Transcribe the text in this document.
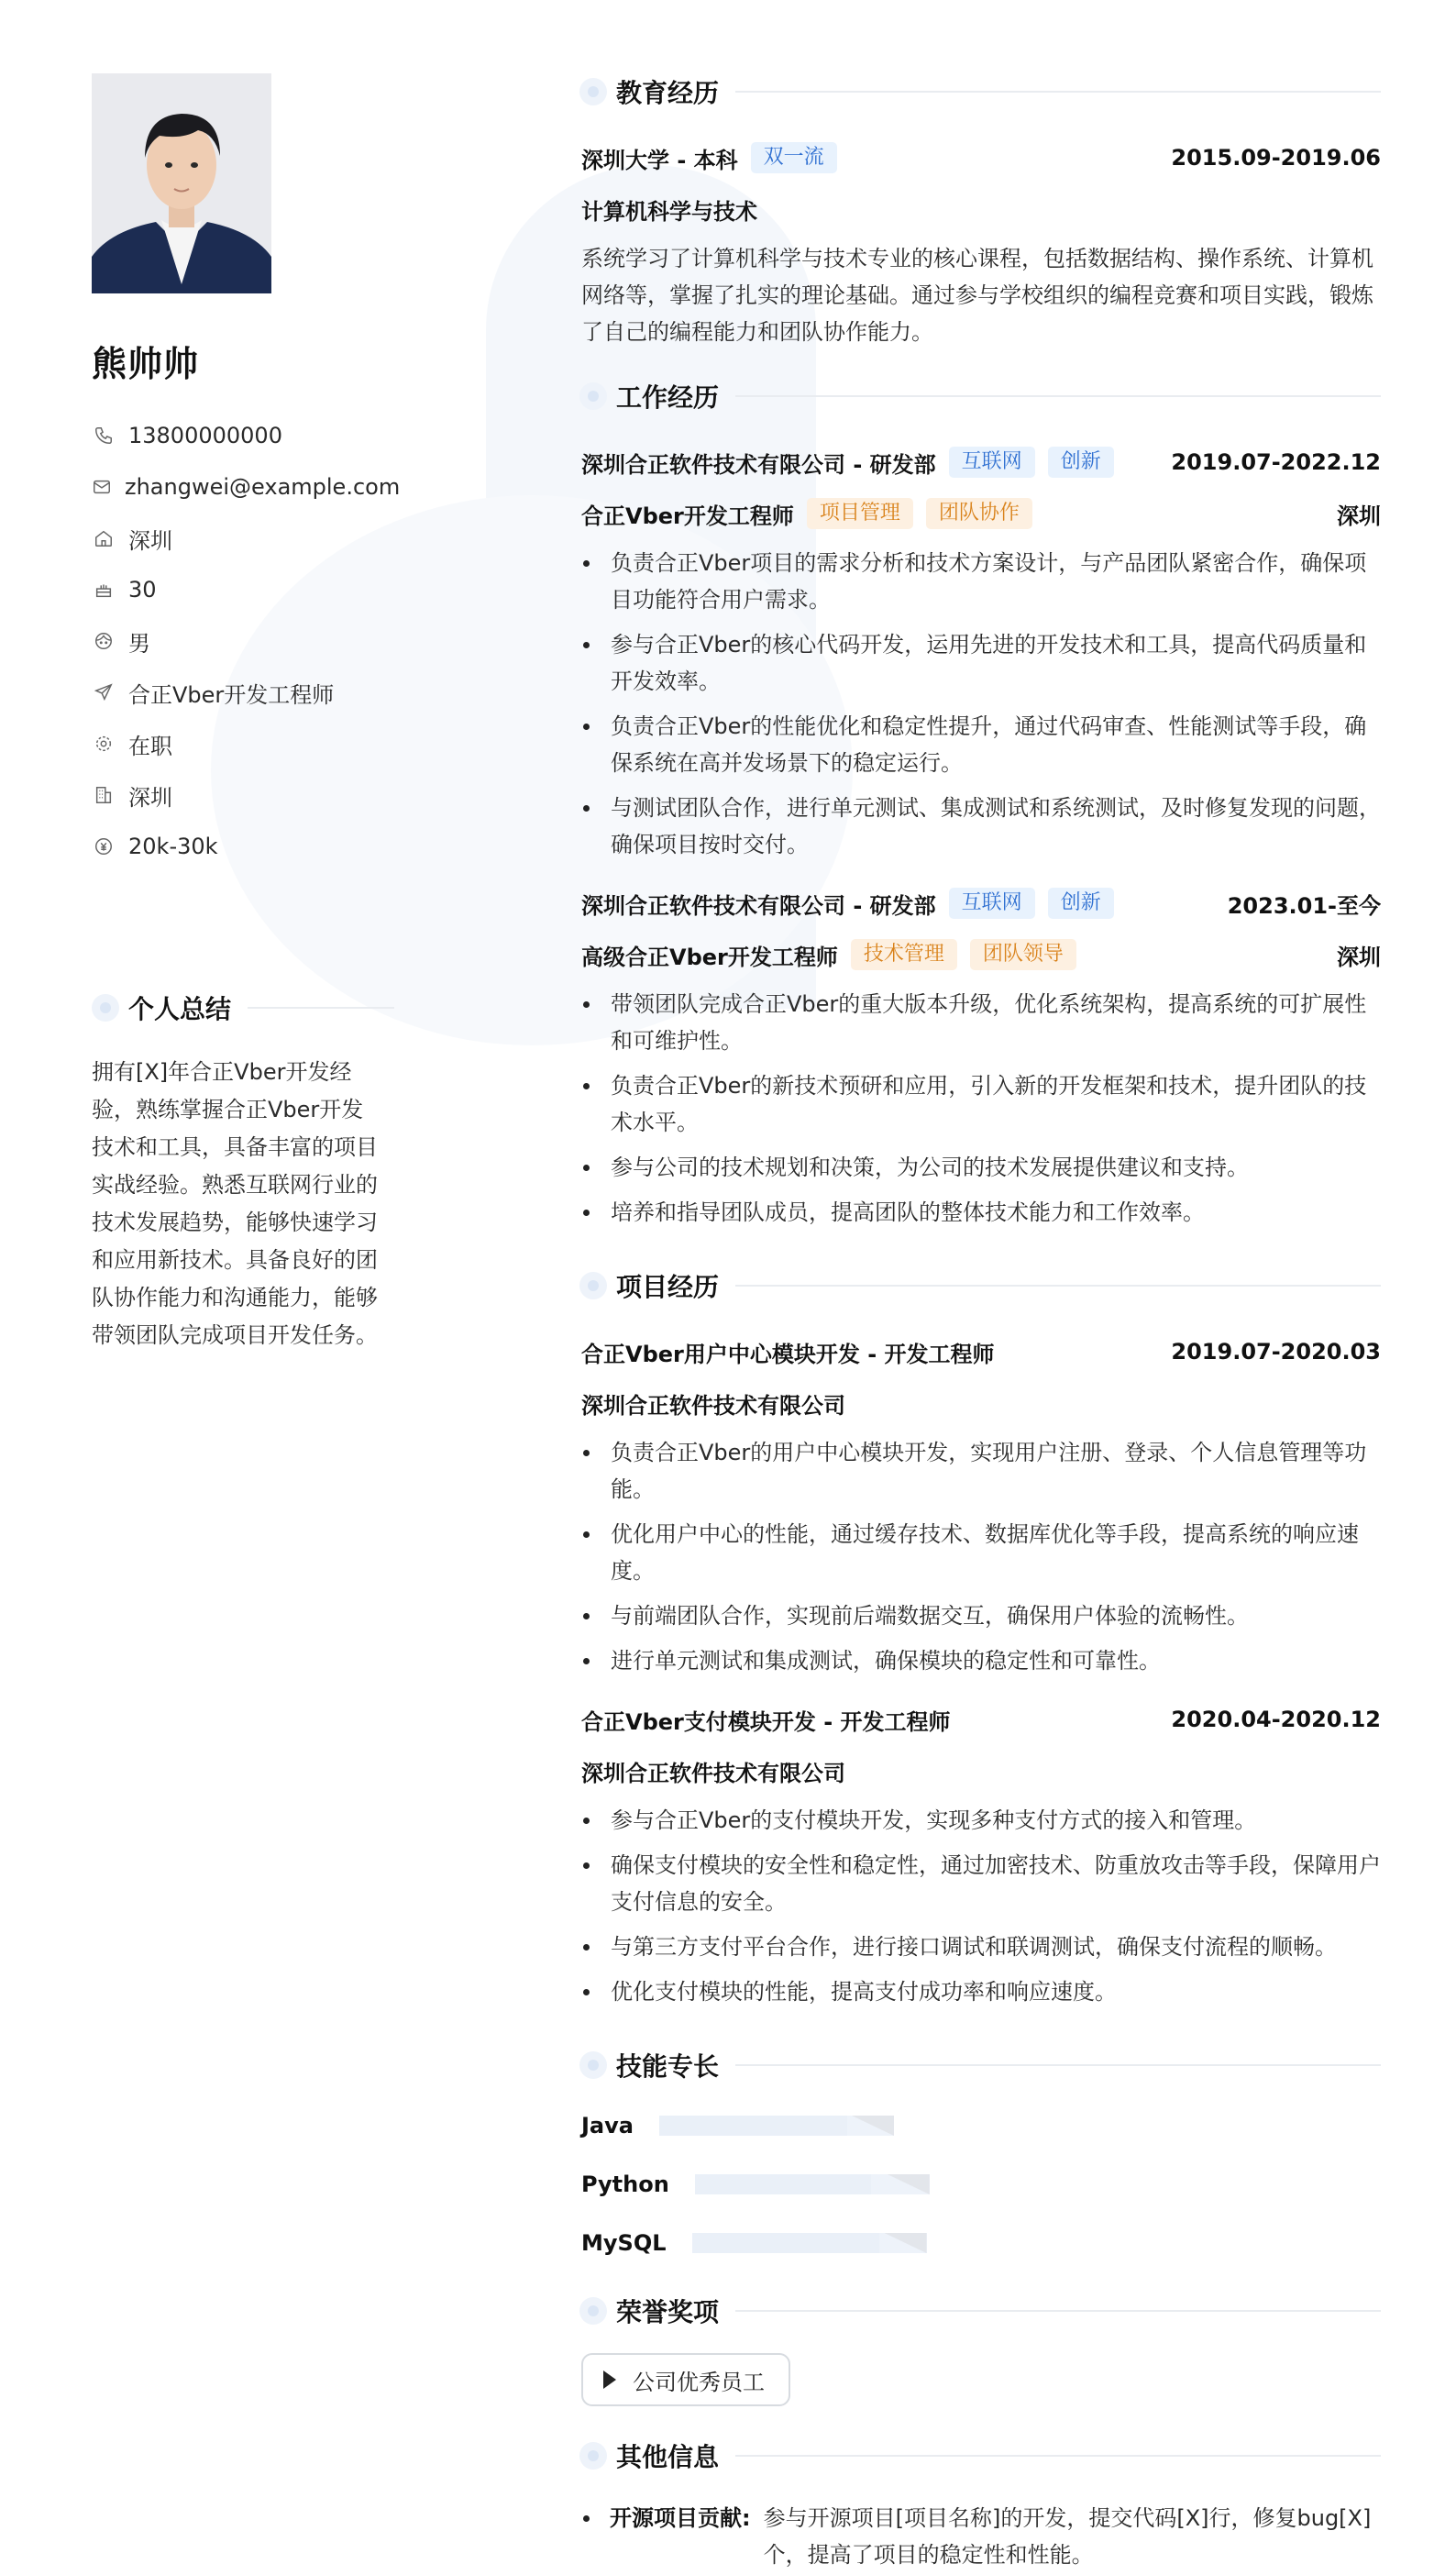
熊帅帅
13800000000
zhangwei@example.com
深圳
30
男
合正Vber开发工程师
在职
深圳
20k-30k
个人总结
拥有[X]年合正Vber开发经验，熟练掌握合正Vber开发技术和工具，具备丰富的项目实战经验。熟悉互联网行业的技术发展趋势，能够快速学习和应用新技术。具备良好的团队协作能力和沟通能力，能够带领团队完成项目开发任务。
教育经历
深圳大学 - 本科	双一流	2015.09-2019.06
计算机科学与技术
系统学习了计算机科学与技术专业的核心课程，包括数据结构、操作系统、计算机网络等，掌握了扎实的理论基础。通过参与学校组织的编程竞赛和项目实践，锻炼了自己的编程能力和团队协作能力。
工作经历
深圳合正软件技术有限公司 - 研发部	互联网	创新	2019.07-2022.12
合正Vber开发工程师	项目管理	团队协作	深圳
负责合正Vber项目的需求分析和技术方案设计，与产品团队紧密合作，确保项目功能符合用户需求。
参与合正Vber的核心代码开发，运用先进的开发技术和工具，提高代码质量和开发效率。
负责合正Vber的性能优化和稳定性提升，通过代码审查、性能测试等手段，确保系统在高并发场景下的稳定运行。
与测试团队合作，进行单元测试、集成测试和系统测试，及时修复发现的问题，确保项目按时交付。
深圳合正软件技术有限公司 - 研发部	互联网	创新	2023.01-至今
高级合正Vber开发工程师	技术管理	团队领导	深圳
带领团队完成合正Vber的重大版本升级，优化系统架构，提高系统的可扩展性和可维护性。
负责合正Vber的新技术预研和应用，引入新的开发框架和技术，提升团队的技术水平。
参与公司的技术规划和决策，为公司的技术发展提供建议和支持。
培养和指导团队成员，提高团队的整体技术能力和工作效率。
项目经历
合正Vber用户中心模块开发 - 开发工程师	2019.07-2020.03
深圳合正软件技术有限公司
负责合正Vber的用户中心模块开发，实现用户注册、登录、个人信息管理等功能。
优化用户中心的性能，通过缓存技术、数据库优化等手段，提高系统的响应速度。
与前端团队合作，实现前后端数据交互，确保用户体验的流畅性。
进行单元测试和集成测试，确保模块的稳定性和可靠性。
合正Vber支付模块开发 - 开发工程师	2020.04-2020.12
深圳合正软件技术有限公司
参与合正Vber的支付模块开发，实现多种支付方式的接入和管理。
确保支付模块的安全性和稳定性，通过加密技术、防重放攻击等手段，保障用户支付信息的安全。
与第三方支付平台合作，进行接口调试和联调测试，确保支付流程的顺畅。
优化支付模块的性能，提高支付成功率和响应速度。
技能专长
Java
Python
MySQL
荣誉奖项
公司优秀员工
其他信息
开源项目贡献: 参与开源项目[项目名称]的开发，提交代码[X]行，修复bug[X]个，提高了项目的稳定性和性能。
